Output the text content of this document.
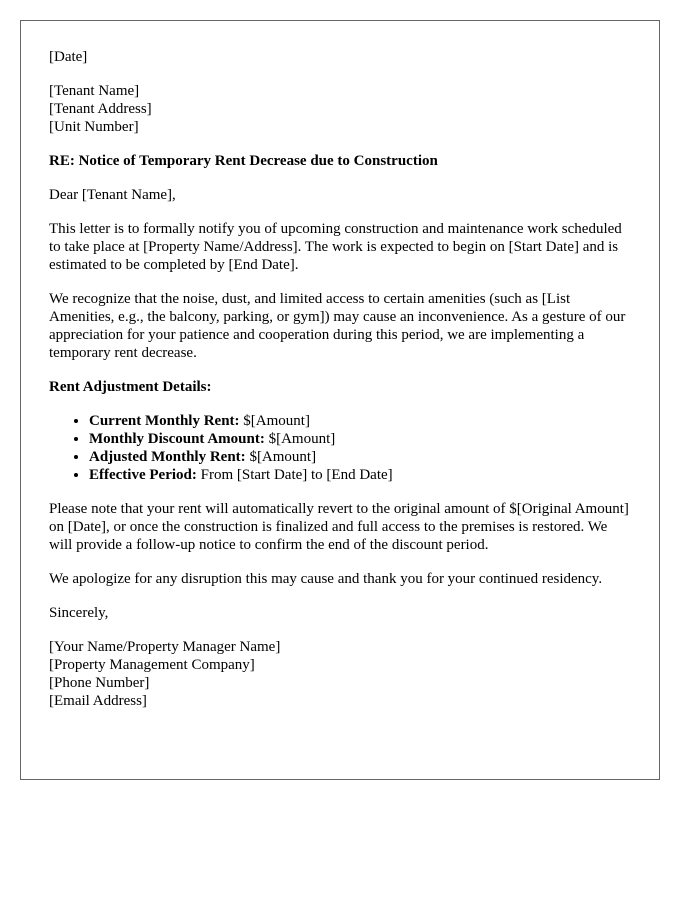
[Date]
[Tenant Name]
[Tenant Address]
[Unit Number]
RE: Notice of Temporary Rent Decrease due to Construction
Dear [Tenant Name],

This letter is to formally notify you of upcoming construction and maintenance work scheduled to take place at [Property Name/Address]. The work is expected to begin on [Start Date] and is estimated to be completed by [End Date].

We recognize that the noise, dust, and limited access to certain amenities (such as [List Amenities, e.g., the balcony, parking, or gym]) may cause an inconvenience. As a gesture of our appreciation for your patience and cooperation during this period, we are implementing a temporary rent decrease.

Rent Adjustment Details:
• Current Monthly Rent: $[Amount]
• Monthly Discount Amount: $[Amount]
• Adjusted Monthly Rent: $[Amount]
• Effective Period: From [Start Date] to [End Date]

Please note that your rent will automatically revert to the original amount of $[Original Amount] on [Date], or once the construction is finalized and full access to the premises is restored. We will provide a follow-up notice to confirm the end of the discount period.

We apologize for any disruption this may cause and thank you for your continued residency.

Sincerely,
[Your Name/Property Manager Name]
[Property Management Company]
[Phone Number]
[Email Address]
